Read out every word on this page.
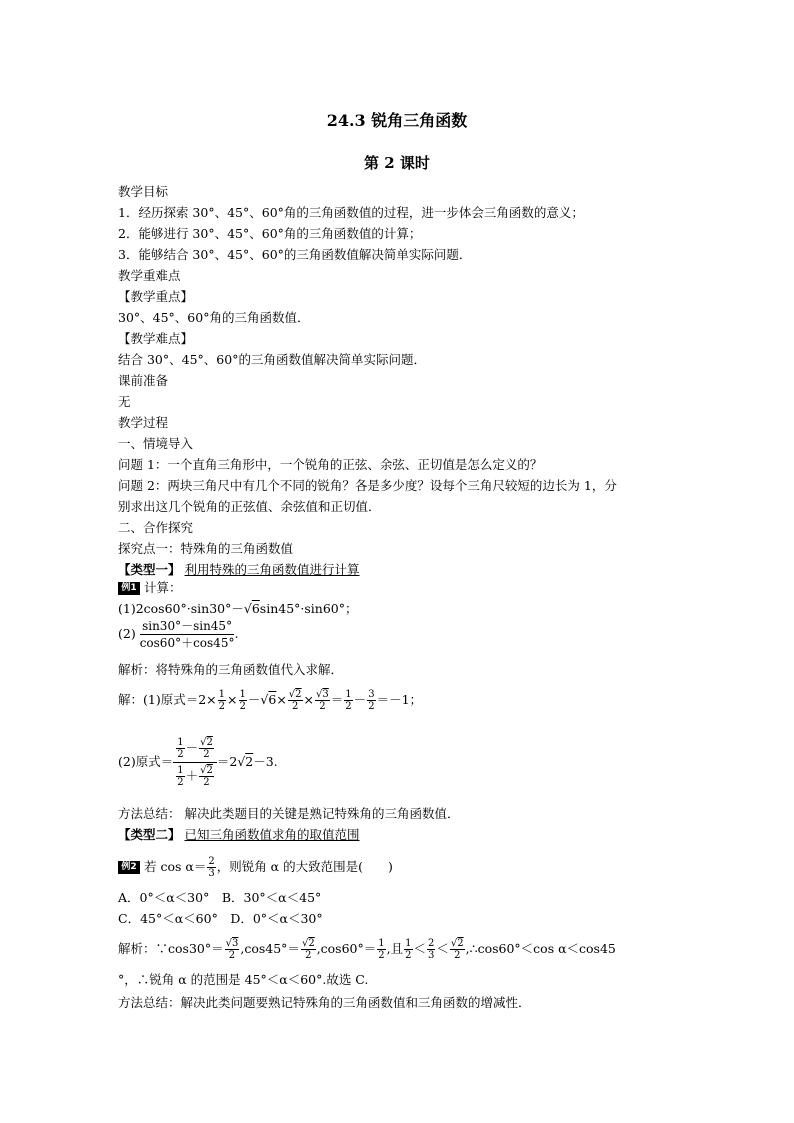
24.3 锐角三角函数
第 2 课时
教学目标
1．经历探索 30°、45°、60°角的三角函数值的过程，进一步体会三角函数的意义；
2．能够进行 30°、45°、60°角的三角函数值的计算；
3．能够结合 30°、45°、60°的三角函数值解决简单实际问题．
教学重难点
【教学重点】
30°、45°、60°角的三角函数值．
【教学难点】
结合 30°、45°、60°的三角函数值解决简单实际问题．
课前准备
无
教学过程
一、情境导入
问题 1：一个直角三角形中，一个锐角的正弦、余弦、正切值是怎么定义的？
问题 2：两块三角尺中有几个不同的锐角？各是多少度？设每个三角尺较短的边长为 1，分
别求出这几个锐角的正弦值、余弦值和正切值．
二、合作探究
探究点一：特殊角的三角函数值
【类型一】 利用特殊的三角函数值进行计算
例1 计算：
(1)2cos60°·sin30°－√6sin45°·sin60°；
$(2) \frac{\sin 30^\circ-\sin 45^\circ}{\cos 60^\circ+\cos 45^\circ}$ .
解析：将特殊角的三角函数值代入求解．
解：(1)原式$=2\times \frac{1}{2} \times \frac{1}{2} -√6\times \frac{√2}{2} \times \frac{√3}{2} = \frac{1}{2} - \frac{3}{2} =-1$；
(2)原式＝ $\frac{\frac{1}{2} - \frac{√2}{2}}{\frac{1}{2} + \frac{√2}{2}} =2√2-3$.
方法总结： 解决此类题目的关键是熟记特殊角的三角函数值．
【类型二】 已知三角函数值求角的取值范围
例2 若 $\cos \alpha= \frac{2}{3}$ ，则锐角 α 的大致范围是(　　)
A．0°＜α＜30°　B．30°＜α＜45°
C．45°＜α＜60°　D．0°＜α＜30°
解析：∵cos30°＝ $\frac{√3}{2} ,\cos 45^\circ= \frac{√2}{2} ,\cos 60^\circ= \frac{1}{2}$ ,且 $\frac{1}{2} < \frac{2}{3} < \frac{√2}{2}$ ,∴cos60°＜cos α＜cos45
°，∴锐角 α 的范围是 45°＜α＜60°.故选 C.
方法总结：解决此类问题要熟记特殊角的三角函数值和三角函数的增减性．
